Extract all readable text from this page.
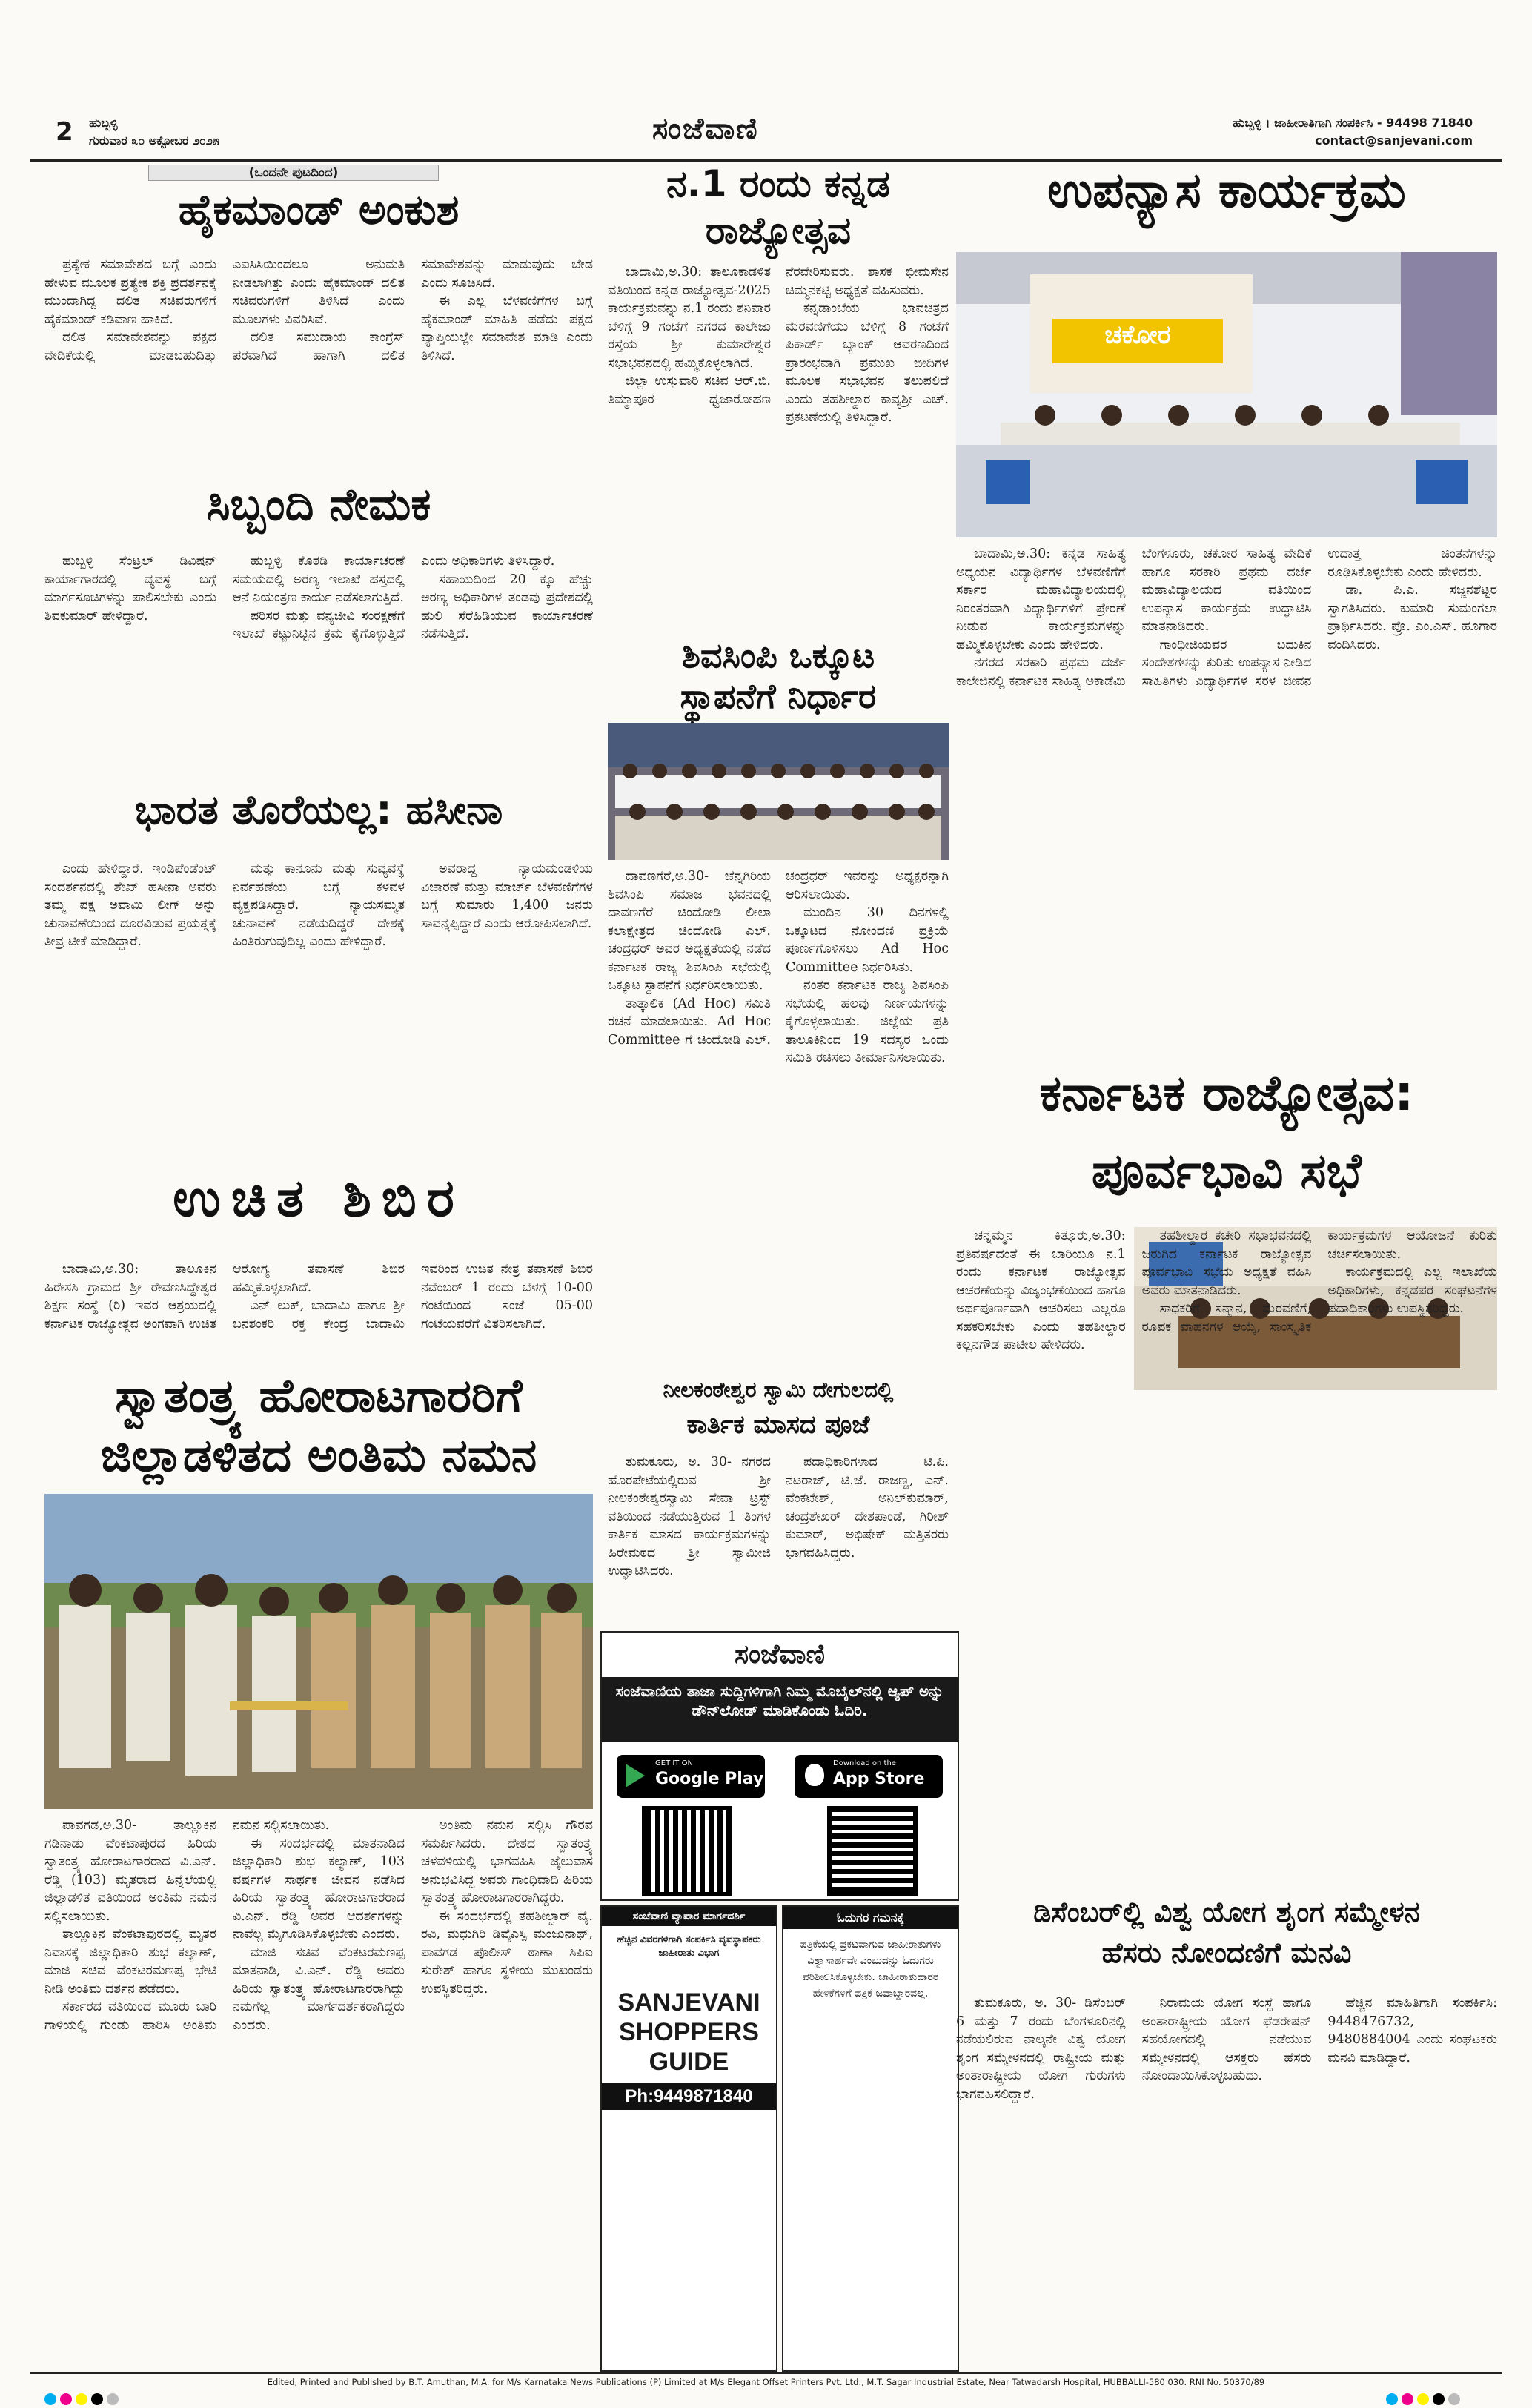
2 ಹುಬ್ಬಳ್ಳಿ
ಗುರುವಾರ ೩೦ ಅಕ್ಟೋಬರ ೨೦೨೫	ಸಂಜೆವಾಣಿ	ಹುಬ್ಬಳ್ಳಿ । ಜಾಹೀರಾತಿಗಾಗಿ ಸಂಪರ್ಕಿಸಿ - 94498 71840
contact@sanjevani.com
(ಒಂದನೇ ಪುಟದಿಂದ)
ಹೈಕಮಾಂಡ್ ಅಂಕುಶ

ಪ್ರತ್ಯೇಕ ಸಮಾವೇಶದ ಬಗ್ಗೆ ಎಂದು ಹೇಳುವ ಮೂಲಕ ಪ್ರತ್ಯೇಕ ಶಕ್ತಿ ಪ್ರದರ್ಶನಕ್ಕೆ ಮುಂದಾಗಿದ್ದ ದಲಿತ ಸಚಿವರುಗಳಿಗೆ ಹೈಕಮಾಂಡ್ ಕಡಿವಾಣ ಹಾಕಿದೆ.

ದಲಿತ ಸಮಾವೇಶವನ್ನು ಪಕ್ಷದ ವೇದಿಕೆಯಲ್ಲಿ ಮಾಡಬಹುದಿತ್ತು ಎಐಸಿಸಿಯಿಂದಲೂ ಅನುಮತಿ ನೀಡಲಾಗಿತ್ತು ಎಂದು ಹೈಕಮಾಂಡ್ ದಲಿತ ಸಚಿವರುಗಳಿಗೆ ತಿಳಿಸಿದೆ ಎಂದು ಮೂಲಗಳು ವಿವರಿಸಿವೆ.

ದಲಿತ ಸಮುದಾಯ ಕಾಂಗ್ರೆಸ್ ಪರವಾಗಿದೆ ಹಾಗಾಗಿ ದಲಿತ ಸಮಾವೇಶವನ್ನು ಮಾಡುವುದು ಬೇಡ ಎಂದು ಸೂಚಿಸಿದೆ.

ಈ ಎಲ್ಲ ಬೆಳವಣಿಗೆಗಳ ಬಗ್ಗೆ ಹೈಕಮಾಂಡ್ ಮಾಹಿತಿ ಪಡೆದು ಪಕ್ಷದ ವ್ಯಾಪ್ತಿಯಲ್ಲೇ ಸಮಾವೇಶ ಮಾಡಿ ಎಂದು ತಿಳಿಸಿದೆ.

ಸಿಬ್ಬಂದಿ ನೇಮಕ

ಹುಬ್ಬಳ್ಳಿ ಸೆಂಟ್ರಲ್ ಡಿವಿಷನ್ ಕಾರ್ಯಾಗಾರದಲ್ಲಿ ವ್ಯವಸ್ಥೆ ಬಗ್ಗೆ ಮಾರ್ಗಸೂಚಿಗಳನ್ನು ಪಾಲಿಸಬೇಕು ಎಂದು ಶಿವಕುಮಾರ್ ಹೇಳಿದ್ದಾರೆ.

ಹುಬ್ಬಳ್ಳಿ ಕೊಠಡಿ ಕಾರ್ಯಾಚರಣೆ ಸಮಯದಲ್ಲಿ ಅರಣ್ಯ ಇಲಾಖೆ ಹಸ್ತದಲ್ಲಿ ಆನೆ ನಿಯಂತ್ರಣ ಕಾರ್ಯ ನಡೆಸಲಾಗುತ್ತಿದೆ.

ಪರಿಸರ ಮತ್ತು ವನ್ಯಜೀವಿ ಸಂರಕ್ಷಣೆಗೆ ಇಲಾಖೆ ಕಟ್ಟುನಿಟ್ಟಿನ ಕ್ರಮ ಕೈಗೊಳ್ಳುತ್ತಿದೆ ಎಂದು ಅಧಿಕಾರಿಗಳು ತಿಳಿಸಿದ್ದಾರೆ.

ಸಹಾಯದಿಂದ 20 ಕ್ಕೂ ಹೆಚ್ಚು ಅರಣ್ಯ ಅಧಿಕಾರಿಗಳ ತಂಡವು ಪ್ರದೇಶದಲ್ಲಿ ಹುಲಿ ಸೆರೆಹಿಡಿಯುವ ಕಾರ್ಯಾಚರಣೆ ನಡೆಸುತ್ತಿದೆ.

ಭಾರತ ತೊರೆಯಲ್ಲ: ಹಸೀನಾ

ಎಂದು ಹೇಳಿದ್ದಾರೆ. ಇಂಡಿಪೆಂಡೆಂಟ್ ಸಂದರ್ಶನದಲ್ಲಿ ಶೇಖ್ ಹಸೀನಾ ಅವರು ತಮ್ಮ ಪಕ್ಷ ಅವಾಮಿ ಲೀಗ್ ಅನ್ನು ಚುನಾವಣೆಯಿಂದ ದೂರವಿಡುವ ಪ್ರಯತ್ನಕ್ಕೆ ತೀವ್ರ ಟೀಕೆ ಮಾಡಿದ್ದಾರೆ.

ಮತ್ತು ಕಾನೂನು ಮತ್ತು ಸುವ್ಯವಸ್ಥೆ ನಿರ್ವಹಣೆಯ ಬಗ್ಗೆ ಕಳವಳ ವ್ಯಕ್ತಪಡಿಸಿದ್ದಾರೆ. ನ್ಯಾಯಸಮ್ಮತ ಚುನಾವಣೆ ನಡೆಯದಿದ್ದರೆ ದೇಶಕ್ಕೆ ಹಿಂತಿರುಗುವುದಿಲ್ಲ ಎಂದು ಹೇಳಿದ್ದಾರೆ.

ಅವರಾದ್ದ ನ್ಯಾಯಮಂಡಳಿಯ ವಿಚಾರಣೆ ಮತ್ತು ಮಾರ್ಚ್ ಬೆಳವಣಿಗೆಗಳ ಬಗ್ಗೆ ಸುಮಾರು 1,400 ಜನರು ಸಾವನ್ನಪ್ಪಿದ್ದಾರೆ ಎಂದು ಆರೋಪಿಸಲಾಗಿದೆ.

ಉಚಿತ ಶಿಬಿರ

ಬಾದಾಮಿ,ಅ.30: ತಾಲೂಕಿನ ಹಿರೇಸಸಿ ಗ್ರಾಮದ ಶ್ರೀ ರೇವಣಸಿದ್ಧೇಶ್ವರ ಶಿಕ್ಷಣ ಸಂಸ್ಥೆ (ರಿ) ಇವರ ಆಶ್ರಯದಲ್ಲಿ ಕರ್ನಾಟಕ ರಾಜ್ಯೋತ್ಸವ ಅಂಗವಾಗಿ ಉಚಿತ ಆರೋಗ್ಯ ತಪಾಸಣೆ ಶಿಬಿರ ಹಮ್ಮಿಕೊಳ್ಳಲಾಗಿದೆ.

ಎನ್ ಲುಕ್, ಬಾದಾಮಿ ಹಾಗೂ ಶ್ರೀ ಬನಶಂಕರಿ ರಕ್ತ ಕೇಂದ್ರ ಬಾದಾಮಿ ಇವರಿಂದ ಉಚಿತ ನೇತ್ರ ತಪಾಸಣೆ ಶಿಬಿರ ನವೆಂಬರ್ 1 ರಂದು ಬೆಳಗ್ಗೆ 10-00 ಗಂಟೆಯಿಂದ ಸಂಜೆ 05-00 ಗಂಟೆಯವರೆಗೆ ವಿತರಿಸಲಾಗಿದೆ.

ಸ್ವಾತಂತ್ರ್ಯ ಹೋರಾಟಗಾರರಿಗೆ
ಜಿಲ್ಲಾಡಳಿತದ ಅಂತಿಮ ನಮನ

ಪಾವಗಡ,ಅ.30- ತಾಲ್ಲೂಕಿನ ಗಡಿನಾಡು ವೆಂಕಟಾಪುರದ ಹಿರಿಯ ಸ್ವಾತಂತ್ರ್ಯ ಹೋರಾಟಗಾರರಾದ ವಿ.ಎನ್. ರೆಡ್ಡಿ (103) ಮೃತರಾದ ಹಿನ್ನೆಲೆಯಲ್ಲಿ ಜಿಲ್ಲಾಡಳಿತ ವತಿಯಿಂದ ಅಂತಿಮ ನಮನ ಸಲ್ಲಿಸಲಾಯಿತು.

ತಾಲ್ಲೂಕಿನ ವೆಂಕಟಾಪುರದಲ್ಲಿ ಮೃತರ ನಿವಾಸಕ್ಕೆ ಜಿಲ್ಲಾಧಿಕಾರಿ ಶುಭ ಕಲ್ಯಾಣ್, ಮಾಜಿ ಸಚಿವ ವೆಂಕಟರಮಣಪ್ಪ ಭೇಟಿ ನೀಡಿ ಅಂತಿಮ ದರ್ಶನ ಪಡೆದರು.

ಸರ್ಕಾರದ ವತಿಯಿಂದ ಮೂರು ಬಾರಿ ಗಾಳಿಯಲ್ಲಿ ಗುಂಡು ಹಾರಿಸಿ ಅಂತಿಮ ನಮನ ಸಲ್ಲಿಸಲಾಯಿತು.

ಈ ಸಂದರ್ಭದಲ್ಲಿ ಮಾತನಾಡಿದ ಜಿಲ್ಲಾಧಿಕಾರಿ ಶುಭ ಕಲ್ಯಾಣ್, 103 ವರ್ಷಗಳ ಸಾರ್ಥಕ ಜೀವನ ನಡೆಸಿದ ಹಿರಿಯ ಸ್ವಾತಂತ್ರ್ಯ ಹೋರಾಟಗಾರರಾದ ವಿ.ಎನ್. ರೆಡ್ಡಿ ಅವರ ಆದರ್ಶಗಳನ್ನು ನಾವೆಲ್ಲ ಮೈಗೂಡಿಸಿಕೊಳ್ಳಬೇಕು ಎಂದರು.

ಮಾಜಿ ಸಚಿವ ವೆಂಕಟರಮಣಪ್ಪ ಮಾತನಾಡಿ, ವಿ.ಎನ್. ರೆಡ್ಡಿ ಅವರು ಹಿರಿಯ ಸ್ವಾತಂತ್ರ್ಯ ಹೋರಾಟಗಾರರಾಗಿದ್ದು ನಮಗೆಲ್ಲ ಮಾರ್ಗದರ್ಶಕರಾಗಿದ್ದರು ಎಂದರು.

ಅಂತಿಮ ನಮನ ಸಲ್ಲಿಸಿ ಗೌರವ ಸಮರ್ಪಿಸಿದರು. ದೇಶದ ಸ್ವಾತಂತ್ರ್ಯ ಚಳವಳಿಯಲ್ಲಿ ಭಾಗವಹಿಸಿ ಜೈಲುವಾಸ ಅನುಭವಿಸಿದ್ದ ಅವರು ಗಾಂಧಿವಾದಿ ಹಿರಿಯ ಸ್ವಾತಂತ್ರ್ಯ ಹೋರಾಟಗಾರರಾಗಿದ್ದರು.

ಈ ಸಂದರ್ಭದಲ್ಲಿ ತಹಶೀಲ್ದಾರ್ ವೈ. ರವಿ, ಮಧುಗಿರಿ ಡಿವೈಎಸ್ಪಿ ಮಂಜುನಾಥ್, ಪಾವಗಡ ಪೊಲೀಸ್ ಠಾಣಾ ಸಿಪಿಐ ಸುರೇಶ್ ಹಾಗೂ ಸ್ಥಳೀಯ ಮುಖಂಡರು ಉಪಸ್ಥಿತರಿದ್ದರು.

ನ.1 ರಂದು ಕನ್ನಡ
ರಾಜ್ಯೋತ್ಸವ

ಬಾದಾಮಿ,ಅ.30: ತಾಲೂಕಾಡಳಿತ ವತಿಯಿಂದ ಕನ್ನಡ ರಾಜ್ಯೋತ್ಸವ-2025 ಕಾರ್ಯಕ್ರಮವನ್ನು ನ.1 ರಂದು ಶನಿವಾರ ಬೆಳಿಗ್ಗೆ 9 ಗಂಟೆಗೆ ನಗರದ ಕಾಲೇಜು ರಸ್ತೆಯ ಶ್ರೀ ಕುಮಾರೇಶ್ವರ ಸಭಾಭವನದಲ್ಲಿ ಹಮ್ಮಿಕೊಳ್ಳಲಾಗಿದೆ.

ಜಿಲ್ಲಾ ಉಸ್ತುವಾರಿ ಸಚಿವ ಆರ್.ಬಿ. ತಿಮ್ಮಾಪೂರ ಧ್ವಜಾರೋಹಣ ನೆರವೇರಿಸುವರು. ಶಾಸಕ ಭೀಮಸೇನ ಚಿಮ್ಮನಕಟ್ಟಿ ಅಧ್ಯಕ್ಷತೆ ವಹಿಸುವರು.

ಕನ್ನಡಾಂಬೆಯ ಭಾವಚಿತ್ರದ ಮೆರವಣಿಗೆಯು ಬೆಳಿಗ್ಗೆ 8 ಗಂಟೆಗೆ ಪಿಕಾರ್ಡ್ ಬ್ಯಾಂಕ್ ಆವರಣದಿಂದ ಪ್ರಾರಂಭವಾಗಿ ಪ್ರಮುಖ ಬೀದಿಗಳ ಮೂಲಕ ಸಭಾಭವನ ತಲುಪಲಿದೆ ಎಂದು ತಹಶೀಲ್ದಾರ ಕಾವ್ಯಶ್ರೀ ಎಚ್. ಪ್ರಕಟಣೆಯಲ್ಲಿ ತಿಳಿಸಿದ್ದಾರೆ.

ಶಿವಸಿಂಪಿ ಒಕ್ಕೂಟ
ಸ್ಥಾಪನೆಗೆ ನಿರ್ಧಾರ

ದಾವಣಗೆರೆ,ಅ.30- ಚೆನ್ನಗಿರಿಯ ಶಿವಸಿಂಪಿ ಸಮಾಜ ಭವನದಲ್ಲಿ ದಾವಣಗೆರೆ ಚಿಂದೋಡಿ ಲೀಲಾ ಕಲಾಕ್ಷೇತ್ರದ ಚಿಂದೋಡಿ ಎಲ್. ಚಂದ್ರಧರ್ ಅವರ ಅಧ್ಯಕ್ಷತೆಯಲ್ಲಿ ನಡೆದ ಕರ್ನಾಟಕ ರಾಜ್ಯ ಶಿವಸಿಂಪಿ ಸಭೆಯಲ್ಲಿ ಒಕ್ಕೂಟ ಸ್ಥಾಪನೆಗೆ ನಿರ್ಧರಿಸಲಾಯಿತು.

ತಾತ್ಕಾಲಿಕ (Ad Hoc) ಸಮಿತಿ ರಚನೆ ಮಾಡಲಾಯಿತು. Ad Hoc Committee ಗೆ ಚಿಂದೋಡಿ ಎಲ್. ಚಂದ್ರಧರ್ ಇವರನ್ನು ಅಧ್ಯಕ್ಷರನ್ನಾಗಿ ಆರಿಸಲಾಯಿತು.

ಮುಂದಿನ 30 ದಿನಗಳಲ್ಲಿ ಒಕ್ಕೂಟದ ನೋಂದಣಿ ಪ್ರಕ್ರಿಯೆ ಪೂರ್ಣಗೊಳಿಸಲು Ad Hoc Committee ನಿರ್ಧರಿಸಿತು.

ನಂತರ ಕರ್ನಾಟಕ ರಾಜ್ಯ ಶಿವಸಿಂಪಿ ಸಭೆಯಲ್ಲಿ ಹಲವು ನಿರ್ಣಯಗಳನ್ನು ಕೈಗೊಳ್ಳಲಾಯಿತು. ಜಿಲ್ಲೆಯ ಪ್ರತಿ ತಾಲೂಕಿನಿಂದ 19 ಸದಸ್ಯರ ಒಂದು ಸಮಿತಿ ರಚಿಸಲು ತೀರ್ಮಾನಿಸಲಾಯಿತು.

ನೀಲಕಂಠೇಶ್ವರ ಸ್ವಾಮಿ ದೇಗುಲದಲ್ಲಿ
ಕಾರ್ತಿಕ ಮಾಸದ ಪೂಜೆ

ತುಮಕೂರು, ಅ. 30- ನಗರದ ಹೊರಪೇಟೆಯಲ್ಲಿರುವ ಶ್ರೀ ನೀಲಕಂಠೇಶ್ವರಸ್ವಾಮಿ ಸೇವಾ ಟ್ರಸ್ಟ್ ವತಿಯಿಂದ ನಡೆಯುತ್ತಿರುವ 1 ತಿಂಗಳ ಕಾರ್ತಿಕ ಮಾಸದ ಕಾರ್ಯಕ್ರಮಗಳನ್ನು ಹಿರೇಮಠದ ಶ್ರೀ ಸ್ವಾಮೀಜಿ ಉದ್ಘಾಟಿಸಿದರು.

ಪದಾಧಿಕಾರಿಗಳಾದ ಟಿ.ಪಿ. ನಟರಾಜ್, ಟಿ.ಜೆ. ರಾಜಣ್ಣ, ಎನ್. ವೆಂಕಟೇಶ್, ಅನಿಲ್‌ಕುಮಾರ್, ಚಂದ್ರಶೇಖರ್ ದೇಶಪಾಂಡೆ, ಗಿರೀಶ್ ಕುಮಾರ್, ಅಭಿಷೇಕ್ ಮತ್ತಿತರರು ಭಾಗವಹಿಸಿದ್ದರು.

ಸಂಜೆವಾಣಿ
ಸಂಜೆವಾಣಿಯ ತಾಜಾ ಸುದ್ದಿಗಳಿಗಾಗಿ ನಿಮ್ಮ ಮೊಬೈಲ್‌ನಲ್ಲಿ ಆ್ಯಪ್ ಅನ್ನು ಡೌನ್‌ಲೋಡ್ ಮಾಡಿಕೊಂಡು ಓದಿರಿ.
GET IT ON
Google Play
Download on the
App Store
ಸಂಜೆವಾಣಿ ವ್ಯಾಪಾರ ಮಾರ್ಗದರ್ಶಿ
ಹೆಚ್ಚಿನ ವಿವರಗಳಿಗಾಗಿ ಸಂಪರ್ಕಿಸಿ ವ್ಯವಸ್ಥಾಪಕರು ಜಾಹೀರಾತು ವಿಭಾಗ
SANJEVANI
SHOPPERS
GUIDE
Ph:9449871840
ಓದುಗರ ಗಮನಕ್ಕೆ
ಪತ್ರಿಕೆಯಲ್ಲಿ ಪ್ರಕಟವಾಗುವ ಜಾಹೀರಾತುಗಳು ವಿಶ್ವಾಸಾರ್ಹವೇ ಎಂಬುದನ್ನು ಓದುಗರು ಪರಿಶೀಲಿಸಿಕೊಳ್ಳಬೇಕು. ಜಾಹೀರಾತುದಾರರ ಹೇಳಿಕೆಗಳಿಗೆ ಪತ್ರಿಕೆ ಜವಾಬ್ದಾರವಲ್ಲ.
ಉಪನ್ಯಾಸ ಕಾರ್ಯಕ್ರಮ
ಚಕೋರ

ಬಾದಾಮಿ,ಅ.30: ಕನ್ನಡ ಸಾಹಿತ್ಯ ಅಧ್ಯಯನ ವಿದ್ಯಾರ್ಥಿಗಳ ಬೆಳವಣಿಗೆಗೆ ಸರ್ಕಾರ ಮಹಾವಿದ್ಯಾಲಯದಲ್ಲಿ ನಿರಂತರವಾಗಿ ವಿದ್ಯಾರ್ಥಿಗಳಿಗೆ ಪ್ರೇರಣೆ ನೀಡುವ ಕಾರ್ಯಕ್ರಮಗಳನ್ನು ಹಮ್ಮಿಕೊಳ್ಳಬೇಕು ಎಂದು ಹೇಳಿದರು.

ನಗರದ ಸರಕಾರಿ ಪ್ರಥಮ ದರ್ಜೆ ಕಾಲೇಜಿನಲ್ಲಿ ಕರ್ನಾಟಕ ಸಾಹಿತ್ಯ ಅಕಾಡೆಮಿ ಬೆಂಗಳೂರು, ಚಕೋರ ಸಾಹಿತ್ಯ ವೇದಿಕೆ ಹಾಗೂ ಸರಕಾರಿ ಪ್ರಥಮ ದರ್ಜೆ ಮಹಾವಿದ್ಯಾಲಯದ ವತಿಯಿಂದ ಉಪನ್ಯಾಸ ಕಾರ್ಯಕ್ರಮ ಉದ್ಘಾಟಿಸಿ ಮಾತನಾಡಿದರು.

ಗಾಂಧೀಜಿಯವರ ಬದುಕಿನ ಸಂದೇಶಗಳನ್ನು ಕುರಿತು ಉಪನ್ಯಾಸ ನೀಡಿದ ಸಾಹಿತಿಗಳು ವಿದ್ಯಾರ್ಥಿಗಳ ಸರಳ ಜೀವನ ಉದಾತ್ತ ಚಿಂತನೆಗಳನ್ನು ರೂಢಿಸಿಕೊಳ್ಳಬೇಕು ಎಂದು ಹೇಳಿದರು.

ಡಾ. ಪಿ.ಎ. ಸಜ್ಜನಶೆಟ್ಟರ ಸ್ವಾಗತಿಸಿದರು. ಕುಮಾರಿ ಸುಮಂಗಲಾ ಪ್ರಾರ್ಥಿಸಿದರು. ಪ್ರೊ. ಎಂ.ಎಸ್. ಹೂಗಾರ ವಂದಿಸಿದರು.

ಕರ್ನಾಟಕ ರಾಜ್ಯೋತ್ಸವ:
ಪೂರ್ವಭಾವಿ ಸಭೆ

ಚನ್ನಮ್ಮನ ಕಿತ್ತೂರು,ಅ.30: ಪ್ರತಿವರ್ಷದಂತೆ ಈ ಬಾರಿಯೂ ನ.1 ರಂದು ಕರ್ನಾಟಕ ರಾಜ್ಯೋತ್ಸವ ಆಚರಣೆಯನ್ನು ವಿಜೃಂಭಣೆಯಿಂದ ಹಾಗೂ ಅರ್ಥಪೂರ್ಣವಾಗಿ ಆಚರಿಸಲು ಎಲ್ಲರೂ ಸಹಕರಿಸಬೇಕು ಎಂದು ತಹಶೀಲ್ದಾರ ಕಲ್ಲನಗೌಡ ಪಾಟೀಲ ಹೇಳಿದರು.

ತಹಶೀಲ್ದಾರ ಕಚೇರಿ ಸಭಾಭವನದಲ್ಲಿ ಜರುಗಿದ ಕರ್ನಾಟಕ ರಾಜ್ಯೋತ್ಸವ ಪೂರ್ವಭಾವಿ ಸಭೆಯ ಅಧ್ಯಕ್ಷತೆ ವಹಿಸಿ ಅವರು ಮಾತನಾಡಿದರು.

ಸಾಧಕರಿಗೆ ಸನ್ಮಾನ, ಮೆರವಣಿಗೆ, ರೂಪಕ ವಾಹನಗಳ ಆಯ್ಕೆ, ಸಾಂಸ್ಕೃತಿಕ ಕಾರ್ಯಕ್ರಮಗಳ ಆಯೋಜನೆ ಕುರಿತು ಚರ್ಚಿಸಲಾಯಿತು.

ಕಾರ್ಯಕ್ರಮದಲ್ಲಿ ಎಲ್ಲ ಇಲಾಖೆಯ ಅಧಿಕಾರಿಗಳು, ಕನ್ನಡಪರ ಸಂಘಟನೆಗಳ ಪದಾಧಿಕಾರಿಗಳು ಉಪಸ್ಥಿತರಿದ್ದರು.

ಡಿಸೆಂಬರ್‌ಲ್ಲಿ ವಿಶ್ವ ಯೋಗ ಶೃಂಗ ಸಮ್ಮೇಳನ
ಹೆಸರು ನೋಂದಣಿಗೆ ಮನವಿ

ತುಮಕೂರು, ಅ. 30- ಡಿಸೆಂಬರ್ 6 ಮತ್ತು 7 ರಂದು ಬೆಂಗಳೂರಿನಲ್ಲಿ ನಡೆಯಲಿರುವ ನಾಲ್ಕನೇ ವಿಶ್ವ ಯೋಗ ಶೃಂಗ ಸಮ್ಮೇಳನದಲ್ಲಿ ರಾಷ್ಟ್ರೀಯ ಮತ್ತು ಅಂತಾರಾಷ್ಟ್ರೀಯ ಯೋಗ ಗುರುಗಳು ಭಾಗವಹಿಸಲಿದ್ದಾರೆ.

ನಿರಾಮಯ ಯೋಗ ಸಂಸ್ಥೆ ಹಾಗೂ ಅಂತಾರಾಷ್ಟ್ರೀಯ ಯೋಗ ಫೆಡರೇಷನ್ ಸಹಯೋಗದಲ್ಲಿ ನಡೆಯುವ ಸಮ್ಮೇಳನದಲ್ಲಿ ಆಸಕ್ತರು ಹೆಸರು ನೋಂದಾಯಿಸಿಕೊಳ್ಳಬಹುದು.

ಹೆಚ್ಚಿನ ಮಾಹಿತಿಗಾಗಿ ಸಂಪರ್ಕಿಸಿ: 9448476732, 9480884004 ಎಂದು ಸಂಘಟಕರು ಮನವಿ ಮಾಡಿದ್ದಾರೆ.

Edited, Printed and Published by B.T. Amuthan, M.A. for M/s Karnataka News Publications (P) Limited at M/s Elegant Offset Printers Pvt. Ltd., M.T. Sagar Industrial Estate, Near Tatwadarsh Hospital, HUBBALLI-580 030. RNI No. 50370/89
